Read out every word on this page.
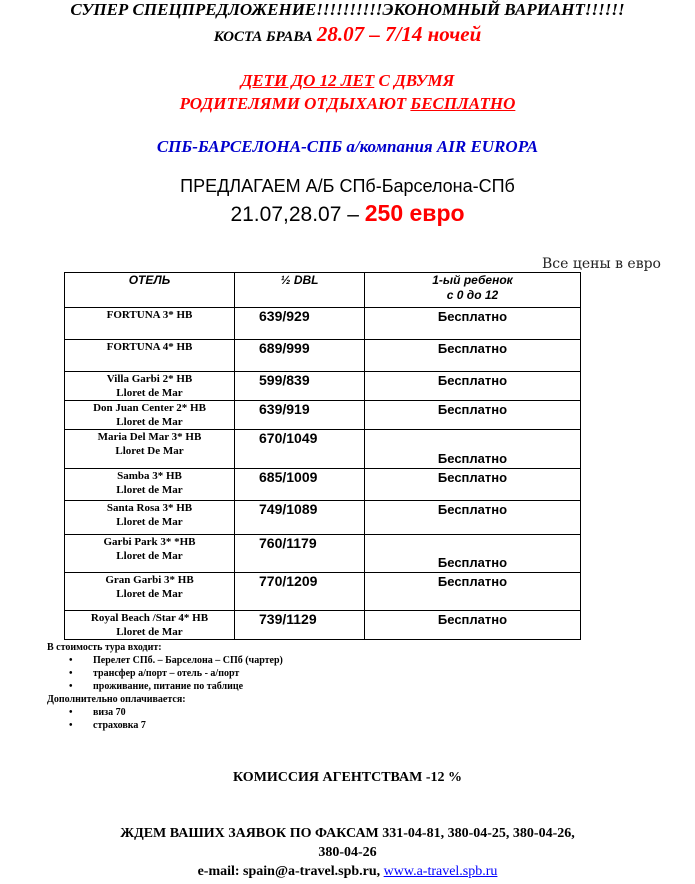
СУПЕР СПЕЦПРЕДЛОЖЕНИЕ!!!!!!!!!!ЭКОНОМНЫЙ ВАРИАНТ!!!!!!
КОСТА БРАВА 28.07 – 7/14 ночей
ДЕТИ ДО 12 ЛЕТ С ДВУМЯ
РОДИТЕЛЯМИ ОТДЫХАЮТ БЕСПЛАТНО
СПБ-БАРСЕЛОНА-СПБ а/компания AIR EUROPA
ПРЕДЛАГАЕМ А/Б СПб-Барселона-СПб
21.07,28.07 – 250 евро
Все цены в евро
ОТЕЛЬ	½ DBL	1-ый ребенок
с 0 до 12

FORTUNA 3* HB	639/929	Бесплатно

FORTUNA 4* HB	689/999	Бесплатно

Villa Garbi 2* HB
Lloret de Mar	599/839	Бесплатно

Don Juan Center 2* HB
Lloret de Mar	639/919	Бесплатно

Maria Del Mar 3* HB
Lloret De Mar	670/1049	Бесплатно

Samba 3* HB
Lloret de Mar	685/1009	Бесплатно

Santa Rosa 3* HB
Lloret de Mar	749/1089	Бесплатно

Garbi Park 3* *HB
Lloret de Mar	760/1179	Бесплатно

Gran Garbi 3* HB
Lloret de Mar	770/1209	Бесплатно

Royal Beach /Star 4* HB
Lloret de Mar	739/1129	Бесплатно
В стоимость тура входит:
• Перелет СПб. – Барселона – СПб (чартер)
• трансфер а/порт – отель - а/порт
• проживание, питание по таблице
Дополнительно оплачивается:
• виза 70
• страховка 7
КОМИССИЯ АГЕНТСТВАМ -12 %
ЖДЕМ ВАШИХ ЗАЯВОК ПО ФАКСАМ 331-04-81, 380-04-25, 380-04-26,
380-04-26
e-mail: spain@a-travel.spb.ru, www.a-travel.spb.ru
